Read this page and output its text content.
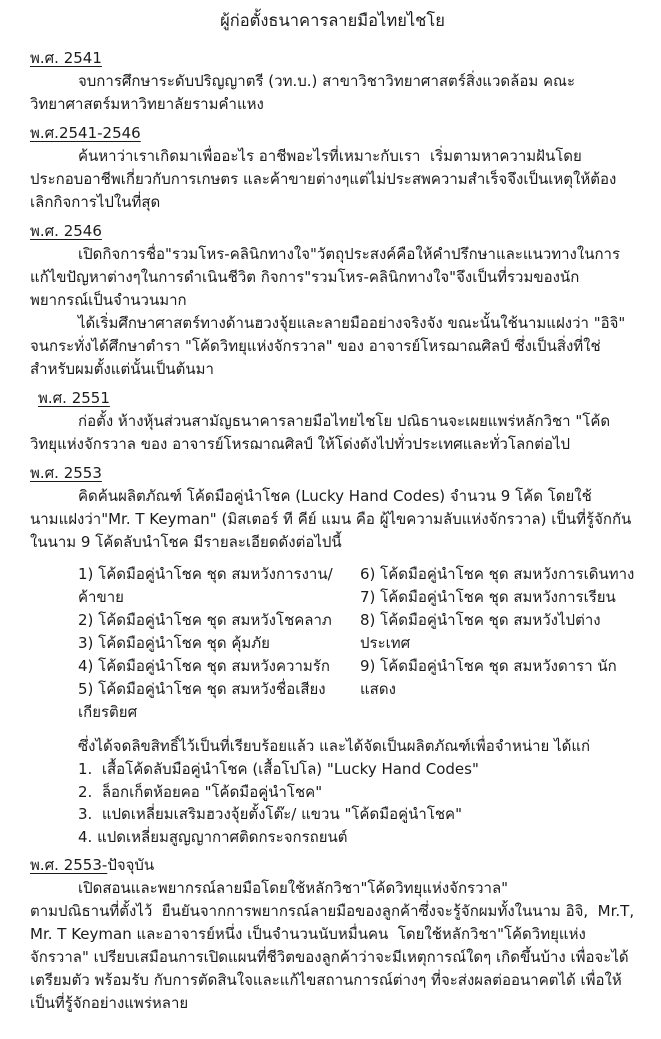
ผู้ก่อตั้งธนาคารลายมือไทยไชโย
พ.ศ. 2541

จบการศึกษาระดับปริญญาตรี (วท.บ.) สาขาวิชาวิทยาศาสตร์สิ่งแวดล้อม คณะวิทยาศาสตร์มหาวิทยาลัยรามคำแหง

พ.ศ.2541-2546

ค้นหาว่าเราเกิดมาเพื่ออะไร อาชีพอะไรที่เหมาะกับเรา  เริ่มตามหาความฝันโดยประกอบอาชีพเกี่ยวกับการเกษตร และค้าขายต่างๆแต่ไม่ประสพความสำเร็จจึงเป็นเหตุให้ต้องเลิกกิจการไปในที่สุด

พ.ศ. 2546

เปิดกิจการชื่อ"รวมโหร-คลินิกทางใจ"วัตถุประสงค์คือให้คำปรึกษาและแนวทางในการแก้ไขปัญหาต่างๆในการดำเนินชีวิต กิจการ"รวมโหร-คลินิกทางใจ"จึงเป็นที่รวมของนักพยากรณ์เป็นจำนวนมาก

ได้เริ่มศึกษาศาสตร์ทางด้านฮวงจุ้ยและลายมืออย่างจริงจัง ขณะนั้นใช้นามแฝงว่า "อิจิ" จนกระทั่งได้ศึกษาตำรา "โค้ดวิทยุแห่งจักรวาล" ของ อาจารย์โหรฌาณศิลป์ ซึ่งเป็นสิ่งที่ใช่สำหรับผมตั้งแต่นั้นเป็นต้นมา

พ.ศ. 2551

ก่อตั้ง ห้างหุ้นส่วนสามัญธนาคารลายมือไทยไชโย ปณิธานจะเผยแพร่หลักวิชา "โค้ดวิทยุแห่งจักรวาล ของ อาจารย์โหรฌาณศิลป์ ให้โด่งดังไปทั่วประเทศและทั่วโลกต่อไป

พ.ศ. 2553

คิดค้นผลิตภัณฑ์ โค้ดมือคู่นำโชค (Lucky Hand Codes) จำนวน 9 โค้ด โดยใช้นามแฝงว่า"Mr. T Keyman" (มิสเตอร์ ที คีย์ แมน คือ ผู้ไขความลับแห่งจักรวาล) เป็นที่รู้จักกันในนาม 9 โค้ดลับนำโชค มีรายละเอียดดังต่อไปนี้

1) โค้ดมือคู่นำโชค ชุด สมหวังการงาน/ค้าขาย
2) โค้ดมือคู่นำโชค ชุด สมหวังโชคลาภ
3) โค้ดมือคู่นำโชค ชุด คุ้มภัย
4) โค้ดมือคู่นำโชค ชุด สมหวังความรัก
5) โค้ดมือคู่นำโชค ชุด สมหวังชื่อเสียงเกียรติยศ
6) โค้ดมือคู่นำโชค ชุด สมหวังการเดินทาง
7) โค้ดมือคู่นำโชค ชุด สมหวังการเรียน
8) โค้ดมือคู่นำโชค ชุด สมหวังไปต่างประเทศ
9) โค้ดมือคู่นำโชค ชุด สมหวังดารา นักแสดง

ซึ่งได้จดลิขสิทธิ์ไว้เป็นที่เรียบร้อยแล้ว และได้จัดเป็นผลิตภัณฑ์เพื่อจำหน่าย ได้แก่

1.  เสื้อโค้ดลับมือคู่นำโชค (เสื้อโปโล) "Lucky Hand Codes"
2.  ล็อกเก็ตห้อยคอ "โค้ดมือคู่นำโชค"
3.  แปดเหลี่ยมเสริมฮวงจุ้ยตั้งโต๊ะ/ แขวน "โค้ดมือคู่นำโชค"
4. แปดเหลี่ยมสูญญากาศติดกระจกรถยนต์
พ.ศ. 2553-ปัจจุบัน

เปิดสอนและพยากรณ์ลายมือโดยใช้หลักวิชา"โค้ดวิทยุแห่งจักรวาล"

ตามปณิธานที่ตั้งไว้  ยืนยันจากการพยากรณ์ลายมือของลูกค้าซึ่งจะรู้จักผมทั้งในนาม อิจิ,  Mr.T,  Mr. T Keyman และอาจารย์หนึ่ง เป็นจำนวนนับหมื่นคน  โดยใช้หลักวิชา"โค้ดวิทยุแห่งจักรวาล" เปรียบเสมือนการเปิดแผนที่ชีวิตของลูกค้าว่าจะมีเหตุการณ์ใดๆ เกิดขึ้นบ้าง เพื่อจะได้เตรียมตัว พร้อมรับ กับการตัดสินใจและแก้ไขสถานการณ์ต่างๆ ที่จะส่งผลต่ออนาคตได้ เพื่อให้เป็นที่รู้จักอย่างแพร่หลาย
